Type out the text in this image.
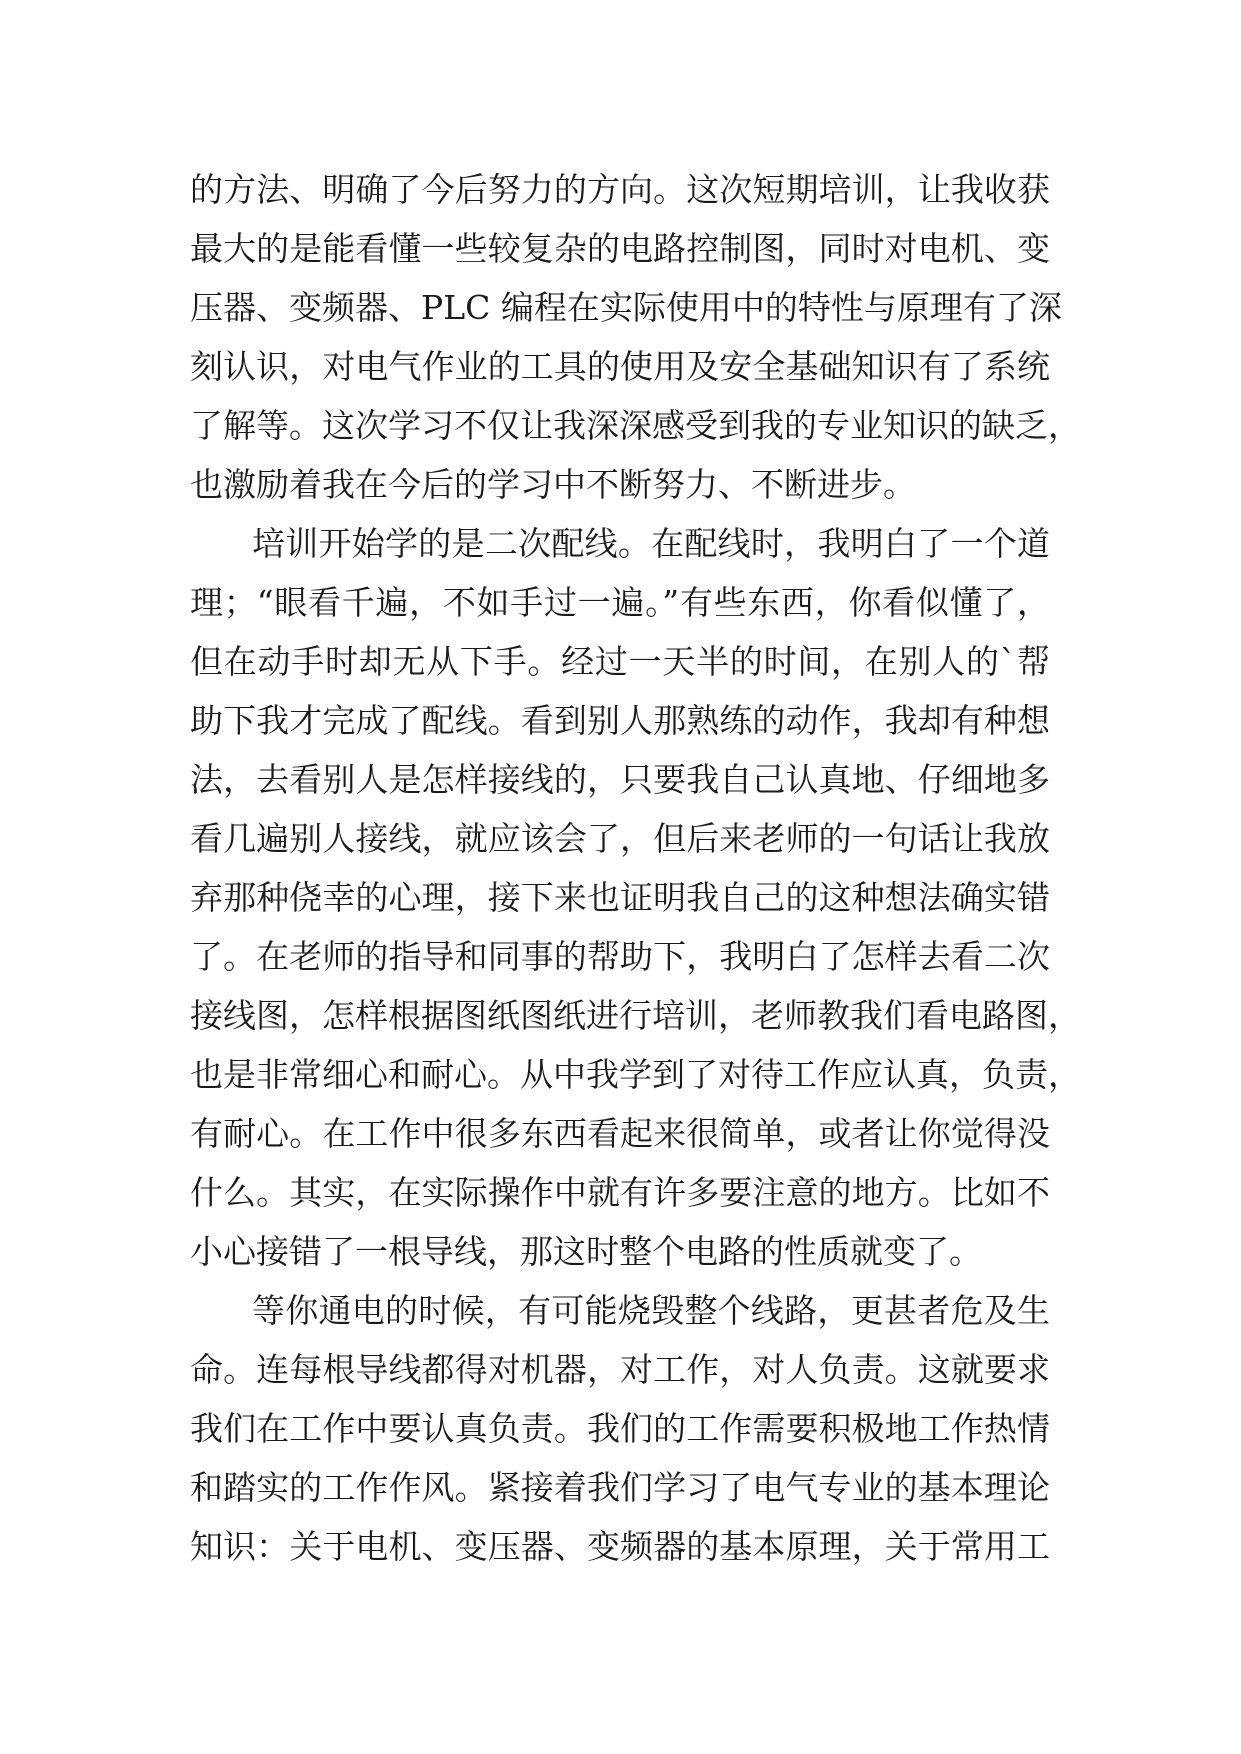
的方法、明确了今后努力的方向。这次短期培训，让我收获
最大的是能看懂一些较复杂的电路控制图，同时对电机、变
压器、变频器、PLC 编程在实际使用中的特性与原理有了深
刻认识，对电气作业的工具的使用及安全基础知识有了系统
了解等。这次学习不仅让我深深感受到我的专业知识的缺乏，
也激励着我在今后的学习中不断努力、不断进步。
培训开始学的是二次配线。在配线时，我明白了一个道
理；“眼看千遍，不如手过一遍。”有些东西，你看似懂了，
但在动手时却无从下手。经过一天半的时间，在别人的`帮
助下我才完成了配线。看到别人那熟练的动作，我却有种想
法，去看别人是怎样接线的，只要我自己认真地、仔细地多
看几遍别人接线，就应该会了，但后来老师的一句话让我放
弃那种侥幸的心理，接下来也证明我自己的这种想法确实错
了。在老师的指导和同事的帮助下，我明白了怎样去看二次
接线图，怎样根据图纸图纸进行培训，老师教我们看电路图，
也是非常细心和耐心。从中我学到了对待工作应认真，负责，
有耐心。在工作中很多东西看起来很简单，或者让你觉得没
什么。其实，在实际操作中就有许多要注意的地方。比如不
小心接错了一根导线，那这时整个电路的性质就变了。
等你通电的时候，有可能烧毁整个线路，更甚者危及生
命。连每根导线都得对机器，对工作，对人负责。这就要求
我们在工作中要认真负责。我们的工作需要积极地工作热情
和踏实的工作作风。紧接着我们学习了电气专业的基本理论
知识：关于电机、变压器、变频器的基本原理，关于常用工
